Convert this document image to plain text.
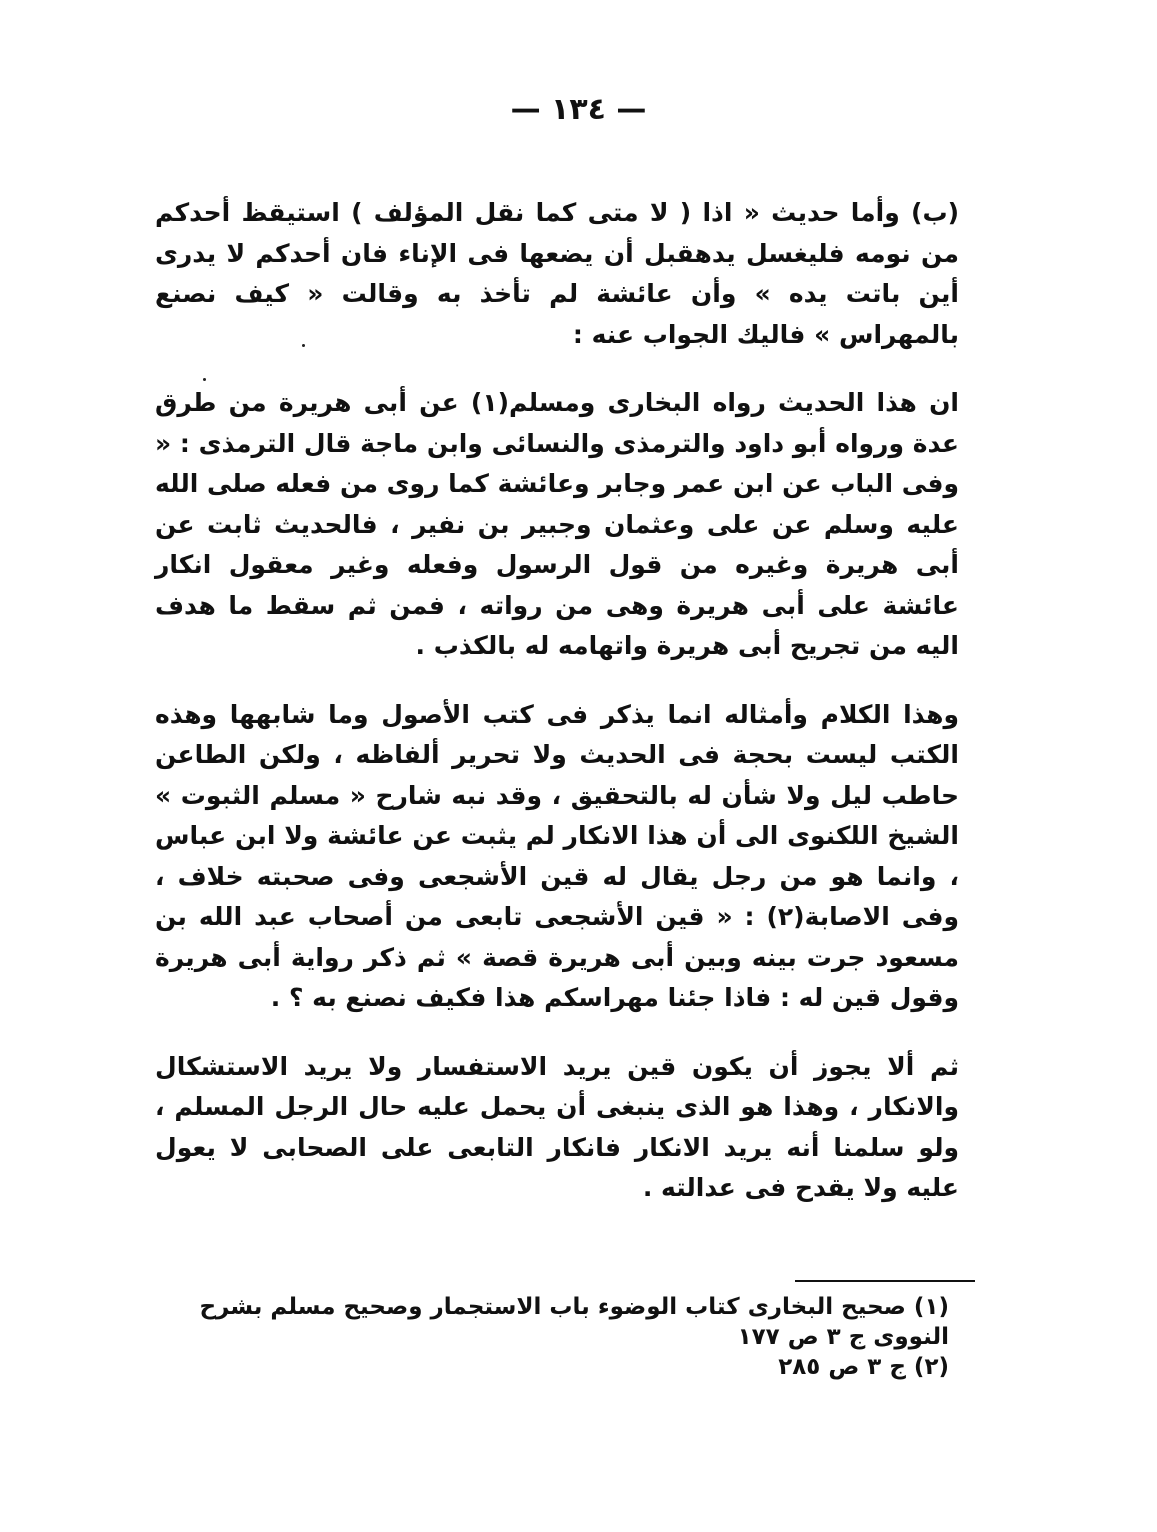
— ١٣٤ —

(ب) وأما حديث « اذا ( لا متى كما نقل المؤلف ) استيقظ أحدكم من نومه فليغسل يدهقبل أن يضعها فى الإناء فان أحدكم لا يدرى أين باتت يده » وأن عائشة لم تأخذ به وقالت « كيف نصنع بالمهراس » فاليك الجواب عنه :

ان هذا الحديث رواه البخارى ومسلم(١) عن أبى هريرة من طرق عدة ورواه أبو داود والترمذى والنسائى وابن ماجة قال الترمذى : « وفى الباب عن ابن عمر وجابر وعائشة كما روى من فعله صلى الله عليه وسلم عن على وعثمان وجبير بن نفير ، فالحديث ثابت عن أبى هريرة وغيره من قول الرسول وفعله وغير معقول انكار عائشة على أبى هريرة وهى من رواته ، فمن ثم سقط ما هدف اليه من تجريح أبى هريرة واتهامه له بالكذب .

وهذا الكلام وأمثاله انما يذكر فى كتب الأصول وما شابهها وهذه الكتب ليست بحجة فى الحديث ولا تحرير ألفاظه ، ولكن الطاعن حاطب ليل ولا شأن له بالتحقيق ، وقد نبه شارح « مسلم الثبوت » الشيخ اللكنوى الى أن هذا الانكار لم يثبت عن عائشة ولا ابن عباس ، وانما هو من رجل يقال له قين الأشجعى وفى صحبته خلاف ، وفى الاصابة(٢) : « قين الأشجعى تابعى من أصحاب عبد الله بن مسعود جرت بينه وبين أبى هريرة قصة » ثم ذكر رواية أبى هريرة وقول قين له : فاذا جئنا مهراسكم هذا فكيف نصنع به ؟ .

ثم ألا يجوز أن يكون قين يريد الاستفسار ولا يريد الاستشكال والانكار ، وهذا هو الذى ينبغى أن يحمل عليه حال الرجل المسلم ، ولو سلمنا أنه يريد الانكار فانكار التابعى على الصحابى لا يعول عليه ولا يقدح فى عدالته .

(١) صحيح البخارى كتاب الوضوء باب الاستجمار وصحيح مسلم بشرح النووى ج ٣ ص ١٧٧

(٢) ج ٣ ص ٢٨٥
